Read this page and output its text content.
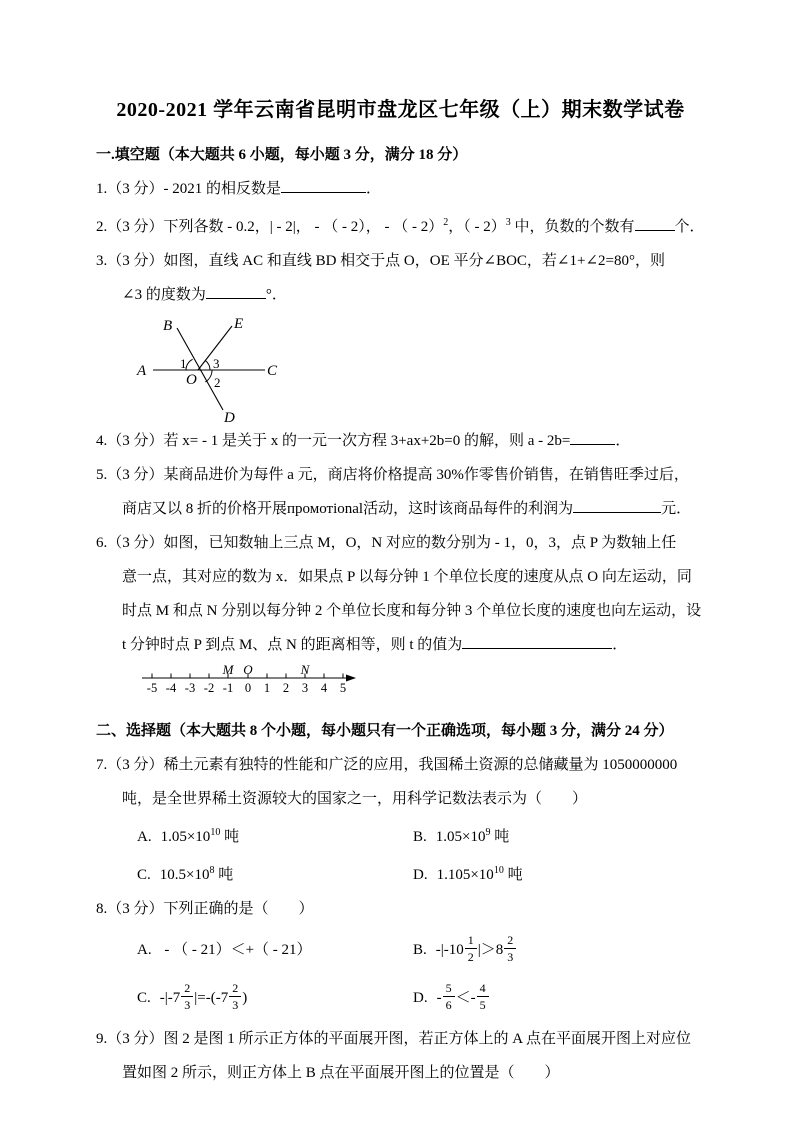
2020-2021 学年云南省昆明市盘龙区七年级（上）期末数学试卷
一.填空题（本大题共 6 小题，每小题 3 分，满分 18 分）
1.（3 分）- 2021 的相反数是	．
2.（3 分）下列各数 - 0.2，| - 2|， - （ - 2）， - （ - 2）$^2$，（ - 2）$^3$ 中，负数的个数有	个．
3.（3 分）如图，直线 AC 和直线 BD 相交于点 O，OE 平分∠BOC，若∠1+∠2=80°，则
∠3 的度数为	°．
A	C
B	E
O
D
1 3
2
4.（3 分）若 x= - 1 是关于 x 的一元一次方程 3+ax+2b=0 的解，则 a - 2b=	．
5.（3 分）某商品进价为每件 a 元，商店将价格提高 30%作零售价销售，在销售旺季过后，
商店又以 8 折的价格开展промотional活动，这时该商品每件的利润为	元．
6.（3 分）如图，已知数轴上三点 M，O，N 对应的数分别为 - 1，0，3，点 P 为数轴上任
意一点，其对应的数为 x．如果点 P 以每分钟 1 个单位长度的速度从点 O 向左运动，同
时点 M 和点 N 分别以每分钟 2 个单位长度和每分钟 3 个单位长度的速度也向左运动，设
t 分钟时点 P 到点 M、点 N 的距离相等，则 t 的值为	．
-5 -4 -3 -2 -1 0 1 2 3 4 5
M O	N
二、选择题（本大题共 8 个小题，每小题只有一个正确选项，每小题 3 分，满分 24 分）
7.（3 分）稀土元素有独特的性能和广泛的应用，我国稀土资源的总储藏量为 1050000000
吨，是全世界稀土资源较大的国家之一，用科学记数法表示为（　　）
A. $1.05\times 10^{10}$ 吨	B. $1.05\times 10^9$ 吨
C. $10.5\times 10^8$ 吨	D. $1.105\times 10^{10}$ 吨
8.（3 分）下列正确的是（　　）
A. - （ - 21）＜+（ - 21）	B. $-|-10 \frac{1}{2} |>8 \frac{2}{3}$
C. $-|-7 \frac{2}{3} |=-(-7 \frac{2}{3}$ )	D. - $\frac{5}{6} <- \frac{4}{5}$
9.（3 分）图 2 是图 1 所示正方体的平面展开图，若正方体上的 A 点在平面展开图上对应位
置如图 2 所示，则正方体上 B 点在平面展开图上的位置是（　　）
